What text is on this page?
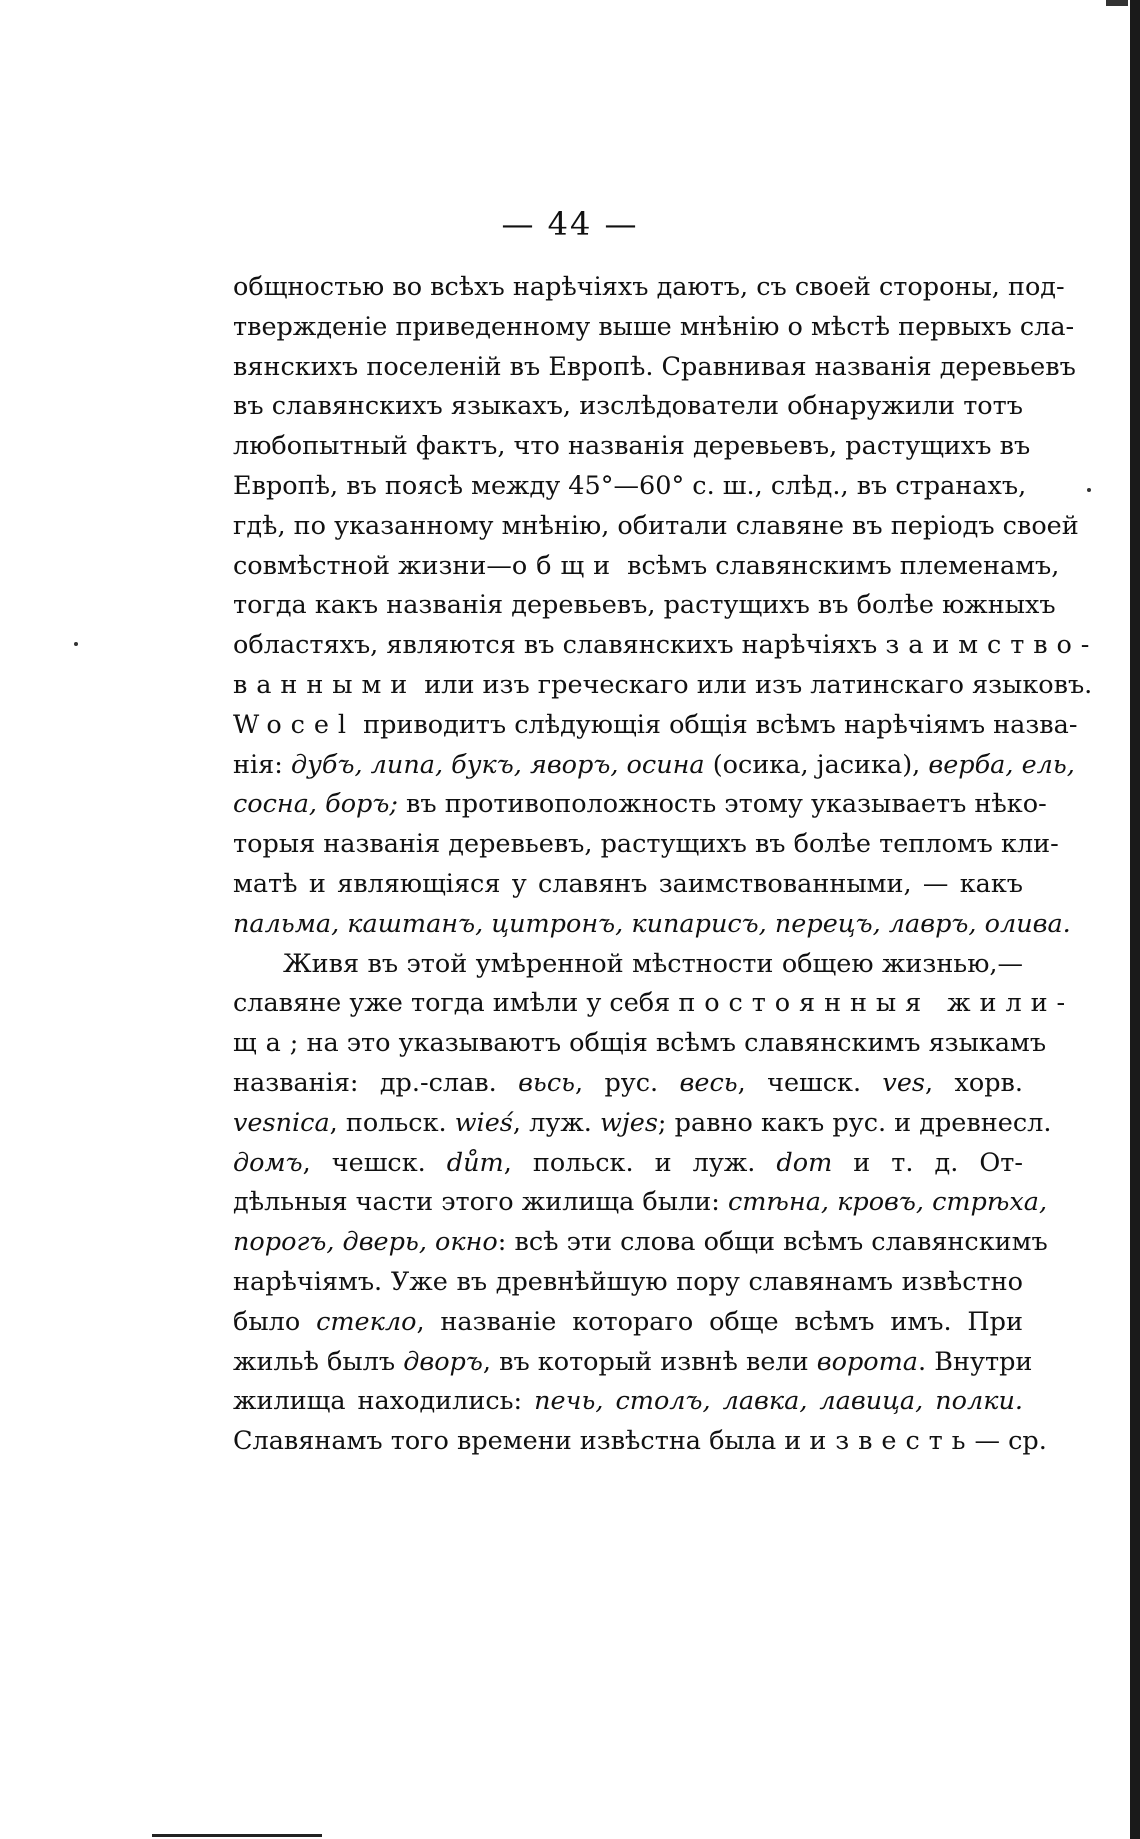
— 44 —
общностью во всѣхъ нарѣчіяхъ даютъ, съ своей стороны, под-
твержденіе приведенному выше мнѣнію о мѣстѣ первыхъ сла-
вянскихъ поселеній въ Европѣ. Сравнивая названія деревьевъ
въ славянскихъ языкахъ, изслѣдователи обнаружили тотъ
любопытный фактъ, что названія деревьевъ, растущихъ въ
Европѣ, въ поясѣ между 45°—60° с. ш., слѣд., въ странахъ,
гдѣ, по указанному мнѣнію, обитали славяне въ періодъ своей
совмѣстной жизни—общи всѣмъ славянскимъ племенамъ,
тогда какъ названія деревьевъ, растущихъ въ болѣе южныхъ
областяхъ, являются въ славянскихъ нарѣчіяхъ заимство-
ванными или изъ греческаго или изъ латинскаго языковъ.
Wocel приводитъ слѣдующія общія всѣмъ нарѣчіямъ назва-
нія: дубъ, липа, букъ, яворъ, осина (осика, јасика), верба, ель,
сосна, боръ; въ противоположность этому указываетъ нѣко-
торыя названія деревьевъ, растущихъ въ болѣе тепломъ кли-
матѣ и являющіяся у славянъ заимствованными, — какъ
пальма, каштанъ, цитронъ, кипарисъ, перецъ, лавръ, олива.
Живя въ этой умѣренной мѣстности общею жизнью,—
славяне уже тогда имѣли у себя постоянныя жили-
ща; на это указываютъ общія всѣмъ славянскимъ языкамъ
названія: др.-слав. вьсь, рус. весь, чешск. ves, хорв.
vesnica, польск. wieś, луж. wjes; равно какъ рус. и древнесл.
домъ, чешск. dům, польск. и луж. dom и т. д. От-
дѣльныя части этого жилища были: стѣна, кровъ, стрѣха,
порогъ, дверь, окно: всѣ эти слова общи всѣмъ славянскимъ
нарѣчіямъ. Уже въ древнѣйшую пору славянамъ извѣстно
было стекло, названіе котораго обще всѣмъ имъ. При
жильѣ былъ дворъ, въ который извнѣ вели ворота. Внутри
жилища находились: печь, столъ, лавка, лавица, полки.
Славянамъ того времени извѣстна была и известь— ср.
